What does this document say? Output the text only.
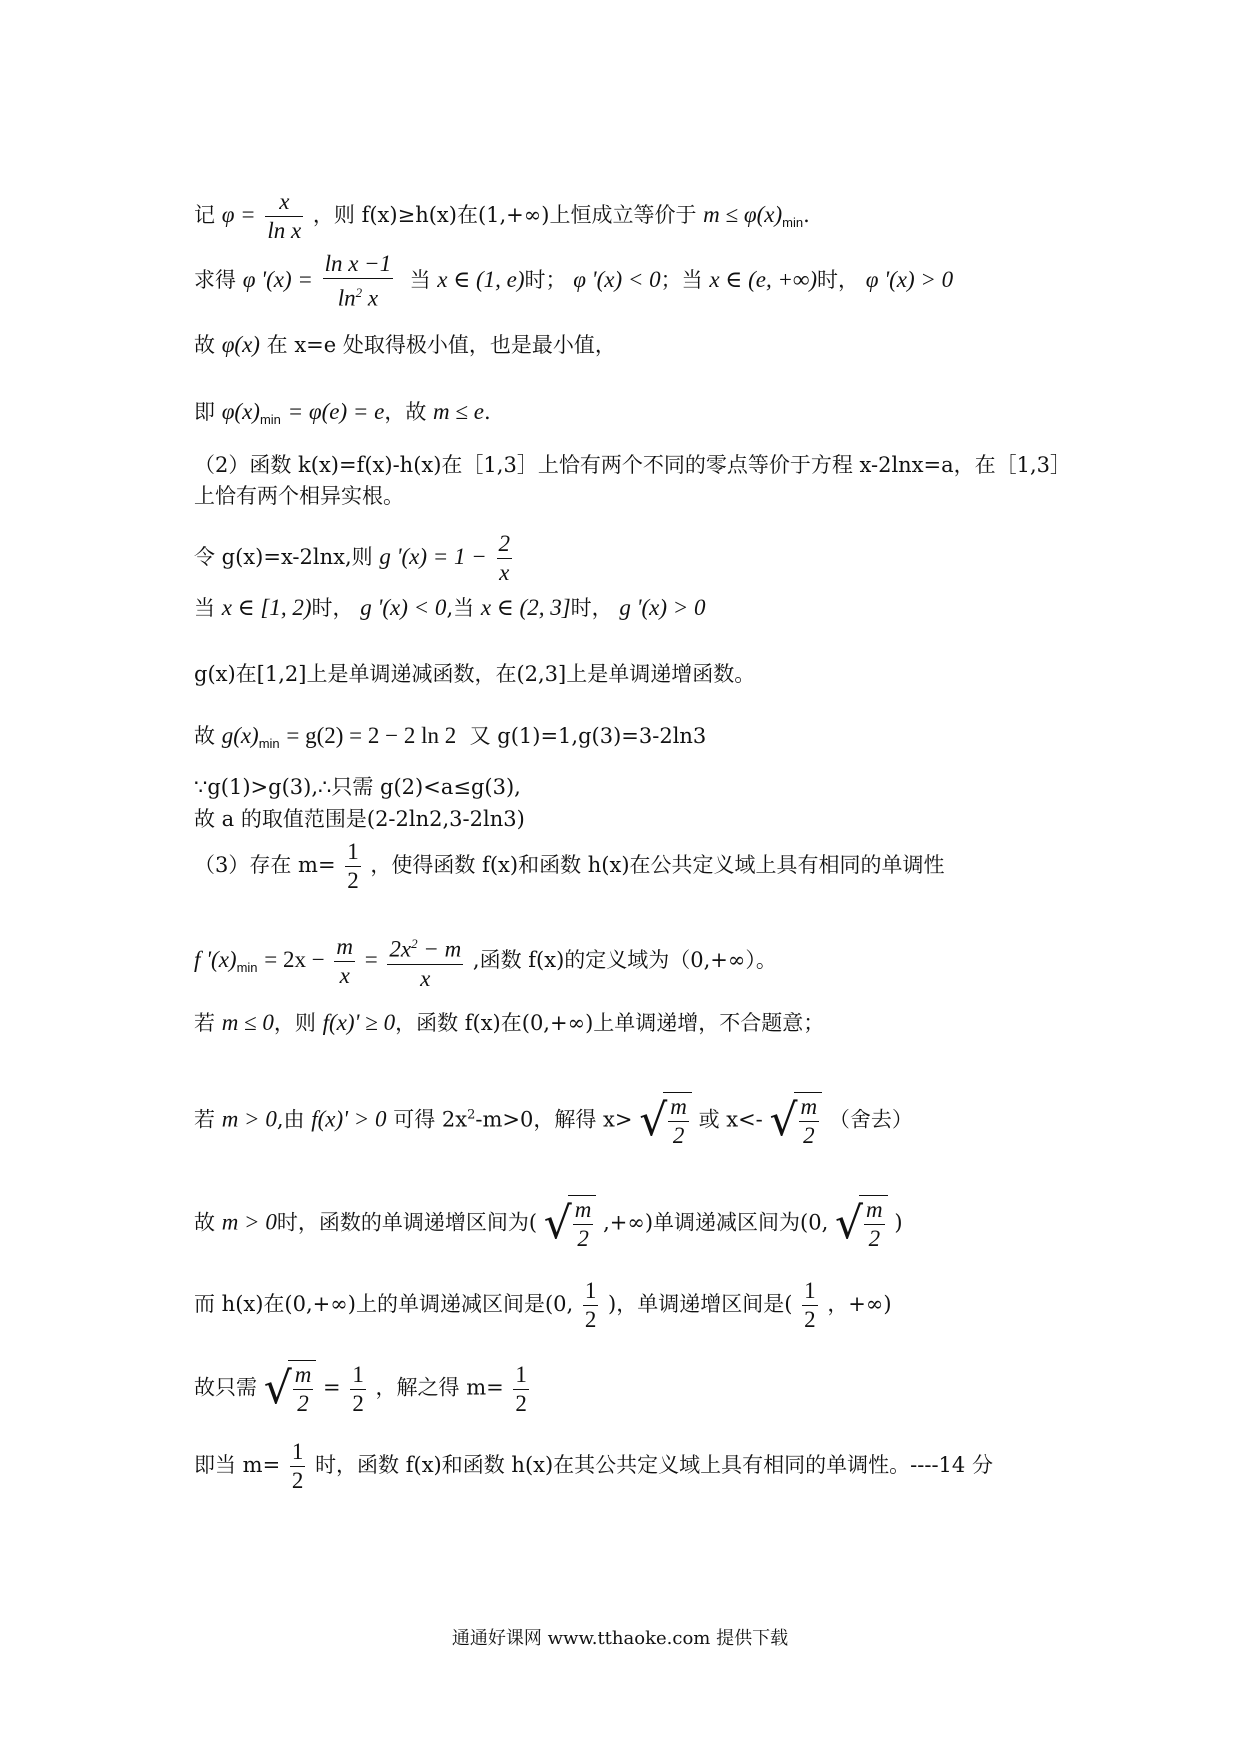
记 $\varphi = \frac{x}{\text{ln x}}$ ，则 f(x)≥h(x)在(1,+∞)上恒成立等价于 $m \le \varphi(x)_{min}$.
求得 φ '$(x) = \frac{\text{ln x −1}}{\ln^2 x}$ 当 x ∈ (1, e)时； φ '(x) < 0；当 x ∈ (e, +∞)时， φ '(x) > 0
故 φ(x) 在 x=e 处取得极小值，也是最小值，
即 $\varphi(x)_{min} = \varphi(e) = e$，故 m ≤ e.
（2）函数 k(x)=f(x)-h(x)在［1,3］上恰有两个不同的零点等价于方程 x-2lnx=a，在［1,3］
上恰有两个相异实根。
令 g(x)=x-2lnx,则 g '$(x) = 1 - \frac{2}{x}$
当 x ∈ [1, 2)时， g '(x) < 0,当 x ∈ (2, 3]时， g '(x) > 0
g(x)在[1,2]上是单调递减函数，在(2,3]上是单调递增函数。
故 $g(x)_{min} = g(2) = 2 - 2$ ln 2 又 g(1)=1,g(3)=3-2ln3
∵g(1)>g(3),∴只需 g(2)<a≤g(3),
故 a 的取值范围是(2-2ln2,3-2ln3)
（3）存在 $m= \frac{1}{2}$ ，使得函数 f(x)和函数 h(x)在公共定义域上具有相同的单调性
f '$(x)_{min} = 2x - \frac{m}{x} = \frac{2x^2 - m}{x}$ ,函数 f(x)的定义域为（0,+∞）。
若 m ≤ 0，则 f(x)' ≥ 0，函数 f(x)在(0,+∞)上单调递增，不合题意；
若 m > 0,由 f(x)' > 0 可得 $2x^2-m>0$，解得 x> √ $\frac{m}{2}$ 或 x<- √ $\frac{m}{2}$ （舍去）
故 m > 0时，函数的单调递增区间为( √ $\frac{m}{2}$ ,+∞)单调递减区间为(0, √ $\frac{m}{2}$ )
而 h(x)在(0,+∞)上的单调递减区间是(0, $\frac{1}{2}$ )，单调递增区间是( $\frac{1}{2}$ ，+∞)
故只需 √ $\frac{m}{2} = \frac{1}{2}$ ，解之得 $m= \frac{1}{2}$
即当 $m= \frac{1}{2}$ 时，函数 f(x)和函数 h(x)在其公共定义域上具有相同的单调性。----14 分
通通好课网 www.tthaoke.com 提供下载
